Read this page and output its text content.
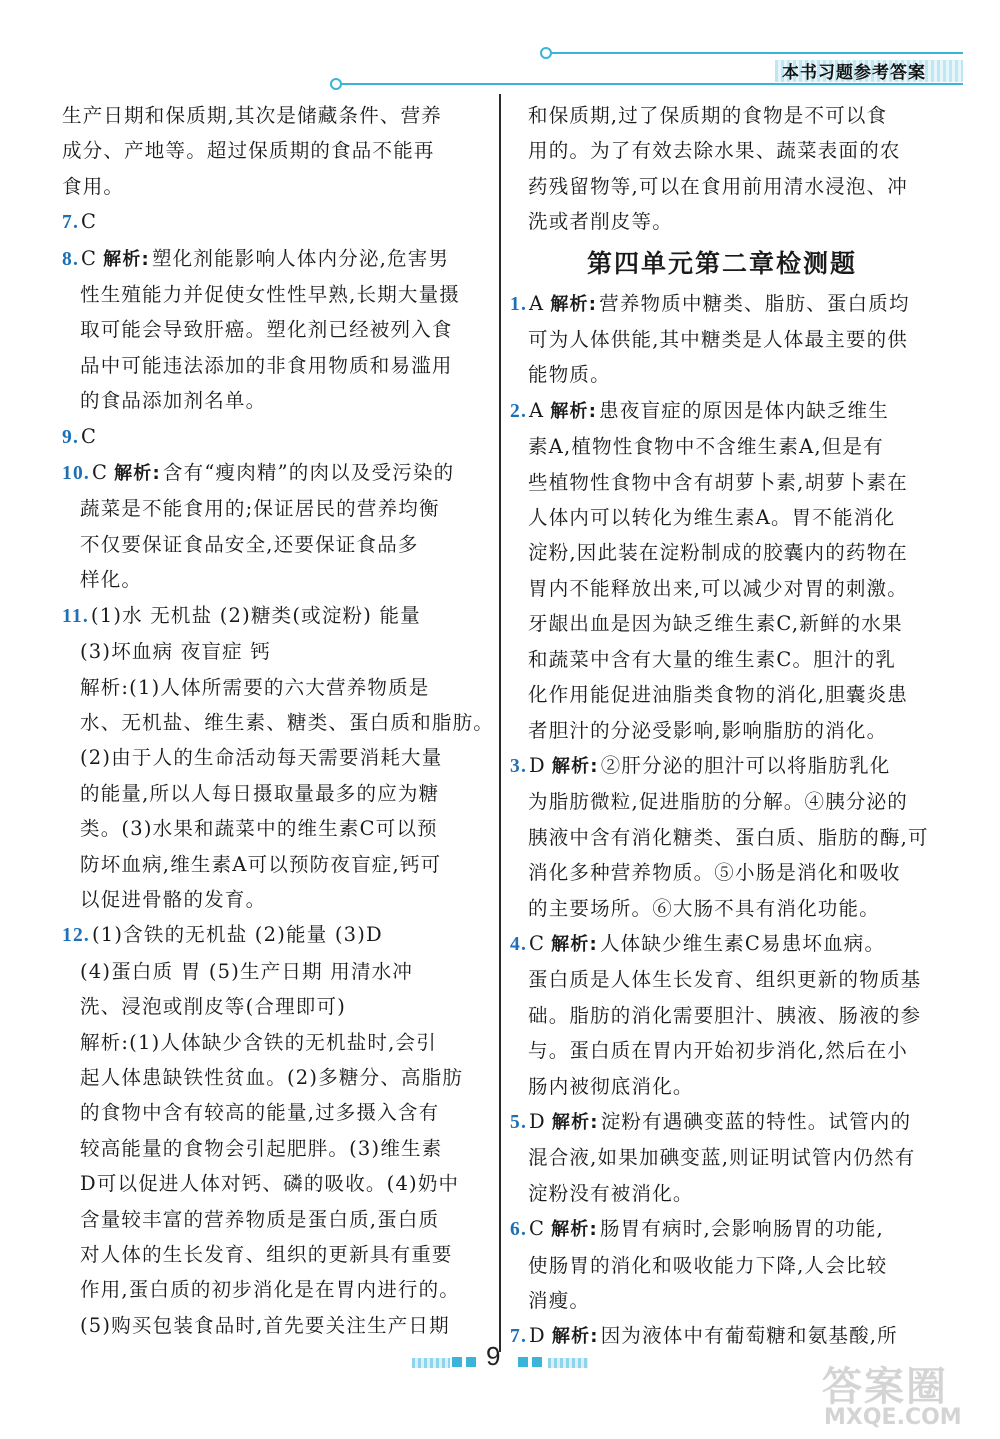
本书习题参考答案
生产日期和保质期,其次是储藏条件、营养
成分、产地等。超过保质期的食品不能再
食用。
7. C
8. C 解析: 塑化剂能影响人体内分泌,危害男
性生殖能力并促使女性性早熟,长期大量摄
取可能会导致肝癌。塑化剂已经被列入食
品中可能违法添加的非食用物质和易滥用
的食品添加剂名单。
9. C
10. C 解析: 含有“瘦肉精”的肉以及受污染的
蔬菜是不能食用的;保证居民的营养均衡
不仅要保证食品安全,还要保证食品多
样化。
11. (1)水 无机盐 (2)糖类(或淀粉) 能量
(3)坏血病 夜盲症 钙
解析:(1)人体所需要的六大营养物质是
水、无机盐、维生素、糖类、蛋白质和脂肪。
(2)由于人的生命活动每天需要消耗大量
的能量,所以人每日摄取量最多的应为糖
类。(3)水果和蔬菜中的维生素C可以预
防坏血病,维生素A可以预防夜盲症,钙可
以促进骨骼的发育。
12. (1)含铁的无机盐 (2)能量 (3)D
(4)蛋白质 胃 (5)生产日期 用清水冲
洗、浸泡或削皮等(合理即可)
解析:(1)人体缺少含铁的无机盐时,会引
起人体患缺铁性贫血。(2)多糖分、高脂肪
的食物中含有较高的能量,过多摄入含有
较高能量的食物会引起肥胖。(3)维生素
D可以促进人体对钙、磷的吸收。(4)奶中
含量较丰富的营养物质是蛋白质,蛋白质
对人体的生长发育、组织的更新具有重要
作用,蛋白质的初步消化是在胃内进行的。
(5)购买包装食品时,首先要关注生产日期
和保质期,过了保质期的食物是不可以食
用的。为了有效去除水果、蔬菜表面的农
药残留物等,可以在食用前用清水浸泡、冲
洗或者削皮等。
第四单元第二章检测题
1. A 解析: 营养物质中糖类、脂肪、蛋白质均
可为人体供能,其中糖类是人体最主要的供
能物质。
2. A 解析: 患夜盲症的原因是体内缺乏维生
素A,植物性食物中不含维生素A,但是有
些植物性食物中含有胡萝卜素,胡萝卜素在
人体内可以转化为维生素A。胃不能消化
淀粉,因此装在淀粉制成的胶囊内的药物在
胃内不能释放出来,可以减少对胃的刺激。
牙龈出血是因为缺乏维生素C,新鲜的水果
和蔬菜中含有大量的维生素C。胆汁的乳
化作用能促进油脂类食物的消化,胆囊炎患
者胆汁的分泌受影响,影响脂肪的消化。
3. D 解析: ②肝分泌的胆汁可以将脂肪乳化
为脂肪微粒,促进脂肪的分解。④胰分泌的
胰液中含有消化糖类、蛋白质、脂肪的酶,可
消化多种营养物质。⑤小肠是消化和吸收
的主要场所。⑥大肠不具有消化功能。
4. C 解析: 人体缺少维生素C易患坏血病。
蛋白质是人体生长发育、组织更新的物质基
础。脂肪的消化需要胆汁、胰液、肠液的参
与。蛋白质在胃内开始初步消化,然后在小
肠内被彻底消化。
5. D 解析: 淀粉有遇碘变蓝的特性。试管内的
混合液,如果加碘变蓝,则证明试管内仍然有
淀粉没有被消化。
6. C 解析: 肠胃有病时,会影响肠胃的功能,
使肠胃的消化和吸收能力下降,人会比较
消瘦。
7. D 解析: 因为液体中有葡萄糖和氨基酸,所
9
答案圈
MXQE.COM
